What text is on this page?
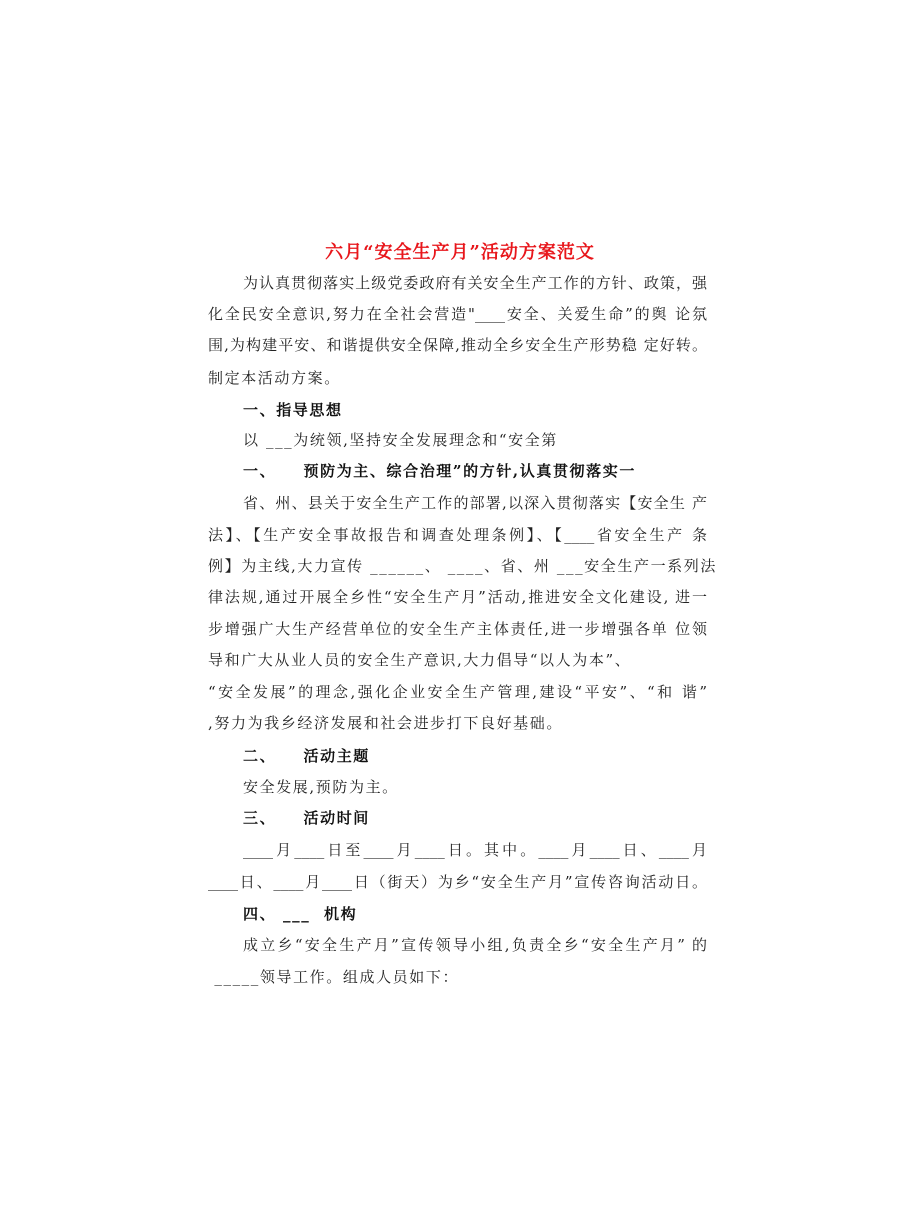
六月“安全生产月”活动方案范文
为认真贯彻落实上级党委政府有关安全生产工作的方针、政策，强
化全民安全意识,努力在全社会营造"____安全、关爱生命”的舆 论氛
围,为构建平安、和谐提供安全保障,推动全乡安全生产形势稳 定好转。
制定本活动方案。
一、指导思想
以 ___为统领,坚持安全发展理念和“安全第
一、    预防为主、综合治理”的方针,认真贯彻落实一
省、州、县关于安全生产工作的部署,以深入贯彻落实【安全生 产
法】、【生产安全事故报告和调查处理条例】、【____省安全生产 条
例】为主线,大力宣传 ______、 ____、省、州 ___安全生产一系列法
律法规,通过开展全乡性“安全生产月”活动,推进安全文化建设, 进一
步增强广大生产经营单位的安全生产主体责任,进一步增强各单 位领
导和广大从业人员的安全生产意识,大力倡导“以人为本”、
“安全发展”的理念,强化企业安全生产管理,建设“平安”、“和 谐”
,努力为我乡经济发展和社会进步打下良好基础。
二、    活动主题
安全发展,预防为主。
三、    活动时间
____月____日至____月____日。其中。____月____日、____月
____日、____月____日（街天）为乡“安全生产月”宣传咨询活动日。
四、 ___  机构
成立乡“安全生产月”宣传领导小组,负责全乡“安全生产月” 的
_____领导工作。组成人员如下：
